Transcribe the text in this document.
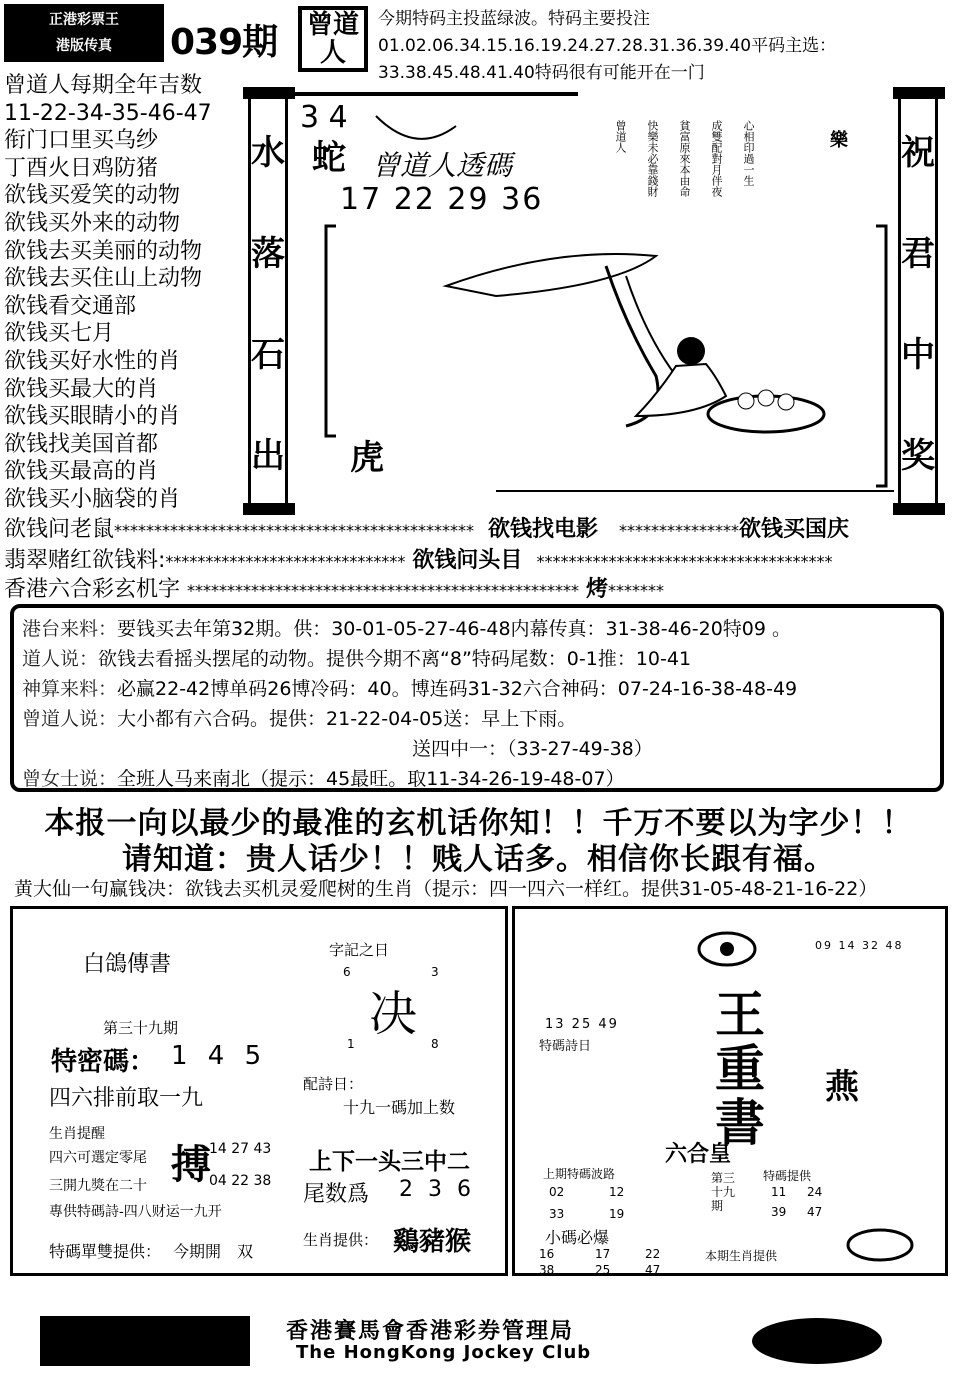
正港彩票王
港版传真	039期	曾道人
今期特码主投蓝绿波。特码主要投注01.02.06.34.15.16.19.24.27.28.31.36.39.40平码主选：33.38.45.48.41.40特码很有可能开在一门
曾道人每期全年吉数
11-22-34-35-46-47
衔门口里买乌纱
丁酉火日鸡防猪
欲钱买爱笑的动物
欲钱买外来的动物
欲钱去买美丽的动物
欲钱去买住山上动物
欲钱看交通部
欲钱买七月
欲钱买好水性的肖
欲钱买最大的肖
欲钱买眼睛小的肖
欲钱找美国首都
欲钱买最高的肖
欲钱买小脑袋的肖
水
落
石
出
祝
君
中
奖
3 4
蛇 曾道人透碼
17 22 29 36
虎
心相印過一生
成雙配對月伴夜
貧富原來本由命
快樂未必靠錢財
曾道人	樂
欲钱问老鼠********************************************* 欲钱找电影 ***************欲钱买国庆
翡翠赌红欲钱料:****************************** 欲钱问头目 *************************************
香港六合彩玄机字 ************************************************* 烤*******
港台来料：要钱买去年第32期。供：30-01-05-27-46-48内幕传真：31-38-46-20特09 。
道人说：欲钱去看摇头摆尾的动物。提供今期不离“8”特码尾数：0-1推：10-41
神算来料：必赢22-42博单码26博冷码：40。博连码31-32六合神码：07-24-16-38-48-49
曾道人说：大小都有六合码。提供：21-22-04-05送：早上下雨。
送四中一：（33-27-49-38）
曾女士说：全班人马来南北（提示：45最旺。取11-34-26-19-48-07）
本报一向以最少的最准的玄机话你知！！千万不要以为字少！！
请知道：贵人话少！！贱人话多。相信你长跟有福。
黄大仙一句赢钱决：欲钱去买机灵爱爬树的生肖（提示：四一四六一样红。提供31-05-48-21-16-22）
白鴿傳書
第三十九期
特密碼： 1 4 5
四六排前取一九
生肖提醒
四六可選定零尾
三開九獎在二十
專供特碼詩-四八财运一九开
搏
14 27 43
04 22 38
特碼單雙提供： 今期開　双
字記之日
6	3
决
1	8
配詩日：
十九一碼加上数
上下一头三中二
尾数爲 2 3 6
生肖提供： 鷄豬猴
09 14 32 48
王
重
書
燕
13 25 49
特碼詩日
六合皇
上期特碼波路
02	12
33	19
第三十九期
特碼提供
11 24
39 47
小碼必爆
16	17	22
38	25	47
本期生肖提供
香港賽馬會香港彩券管理局
The HongKong Jockey Club
